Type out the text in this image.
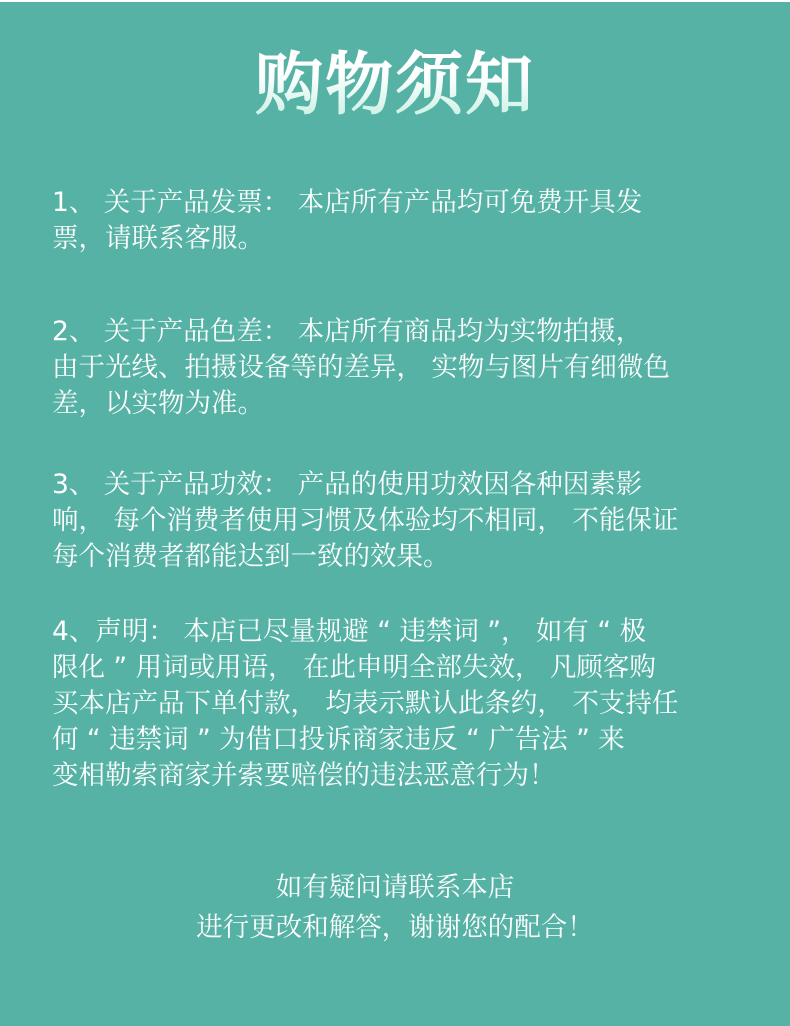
购物须知
1、 关于产品发票： 本店所有产品均可免费开具发
票，请联系客服。
2、 关于产品色差： 本店所有商品均为实物拍摄，
由于光线、拍摄设备等的差异， 实物与图片有细微色
差，以实物为准。
3、 关于产品功效： 产品的使用功效因各种因素影
响， 每个消费者使用习惯及体验均不相同， 不能保证
每个消费者都能达到一致的效果。
4、声明： 本店已尽量规避 “ 违禁词 ”， 如有 “ 极
限化 ” 用词或用语， 在此申明全部失效， 凡顾客购
买本店产品下单付款， 均表示默认此条约， 不支持任
何 “ 违禁词 ” 为借口投诉商家违反 “ 广告法 ” 来
变相勒索商家并索要赔偿的违法恶意行为！
如有疑问请联系本店
进行更改和解答，谢谢您的配合！
